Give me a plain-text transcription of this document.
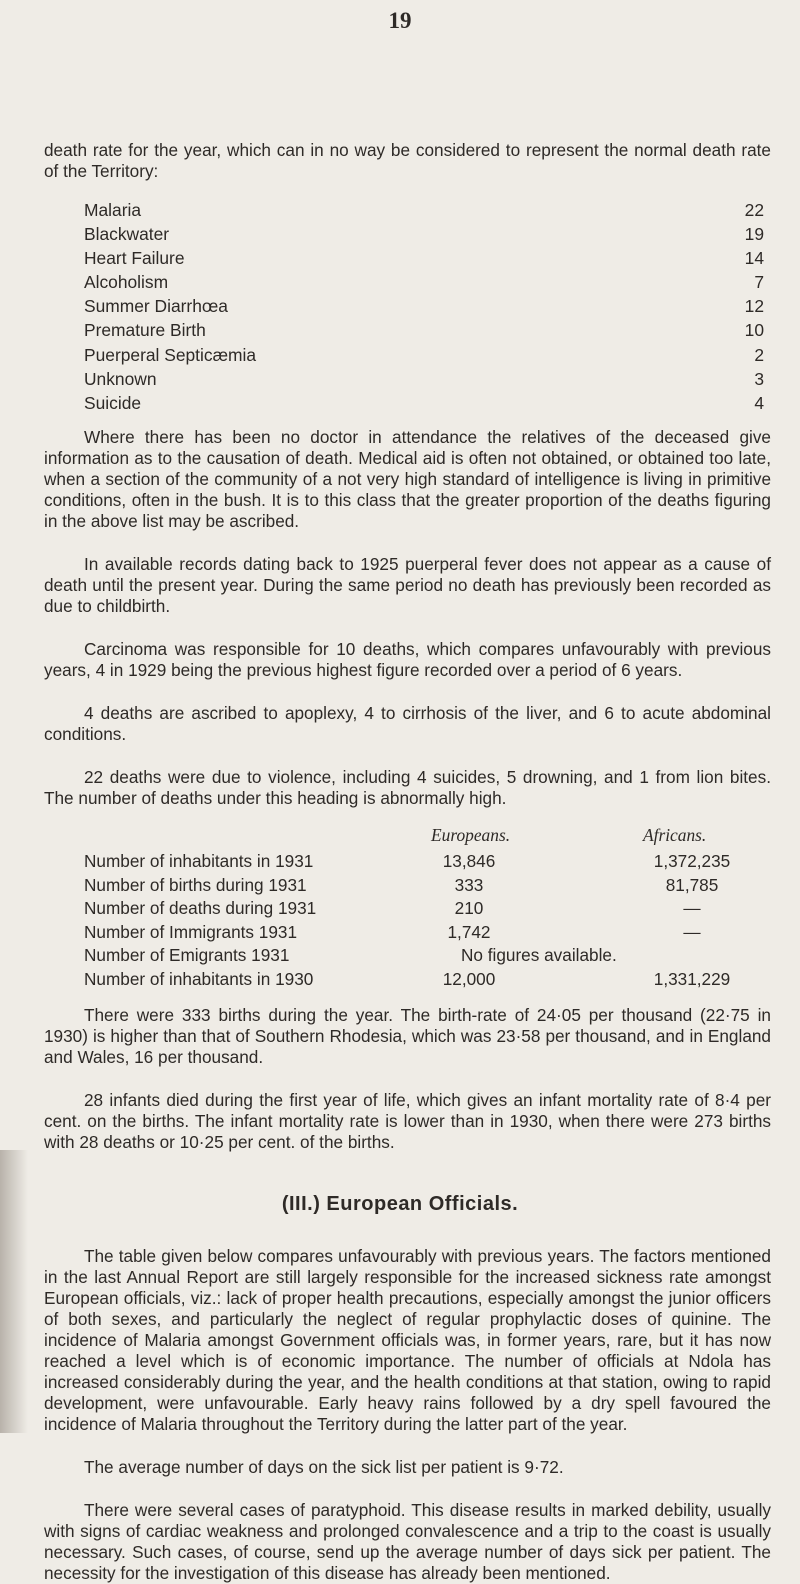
19

death rate for the year, which can in no way be considered to represent the normal death rate of the Territory:

Malaria	22
Blackwater	19
Heart Failure	14
Alcoholism	7
Summer Diarrhœa	12
Premature Birth	10
Puerperal Septicæmia	2
Unknown	3
Suicide	4

Where there has been no doctor in attendance the relatives of the deceased give information as to the causation of death. Medical aid is often not obtained, or obtained too late, when a section of the community of a not very high standard of intelligence is living in primitive conditions, often in the bush. It is to this class that the greater proportion of the deaths figuring in the above list may be ascribed.

In available records dating back to 1925 puerperal fever does not appear as a cause of death until the present year. During the same period no death has previously been recorded as due to childbirth.

Carcinoma was responsible for 10 deaths, which compares unfavourably with previous years, 4 in 1929 being the previous highest figure recorded over a period of 6 years.

4 deaths are ascribed to apoplexy, 4 to cirrhosis of the liver, and 6 to acute abdominal conditions.

22 deaths were due to violence, including 4 suicides, 5 drowning, and 1 from lion bites. The number of deaths under this heading is abnormally high.

Europeans.	Africans.
Number of inhabitants in 1931	13,846	1,372,235
Number of births during 1931	333	81,785
Number of deaths during 1931	210	—
Number of Immigrants 1931	1,742	—
Number of Emigrants 1931	No figures available.
Number of inhabitants in 1930	12,000	1,331,229

There were 333 births during the year. The birth-rate of 24·05 per thousand (22·75 in 1930) is higher than that of Southern Rhodesia, which was 23·58 per thousand, and in England and Wales, 16 per thousand.

28 infants died during the first year of life, which gives an infant mortality rate of 8·4 per cent. on the births. The infant mortality rate is lower than in 1930, when there were 273 births with 28 deaths or 10·25 per cent. of the births.

(III.) European Officials.

The table given below compares unfavourably with previous years. The factors mentioned in the last Annual Report are still largely responsible for the increased sickness rate amongst European officials, viz.: lack of proper health precautions, especially amongst the junior officers of both sexes, and particularly the neglect of regular prophylactic doses of quinine. The incidence of Malaria amongst Government officials was, in former years, rare, but it has now reached a level which is of economic importance. The number of officials at Ndola has increased considerably during the year, and the health conditions at that station, owing to rapid development, were unfavourable. Early heavy rains followed by a dry spell favoured the incidence of Malaria throughout the Territory during the latter part of the year.

The average number of days on the sick list per patient is 9·72.

There were several cases of paratyphoid. This disease results in marked debility, usually with signs of cardiac weakness and prolonged convalescence and a trip to the coast is usually necessary. Such cases, of course, send up the average number of days sick per patient. The necessity for the investigation of this disease has already been mentioned.
